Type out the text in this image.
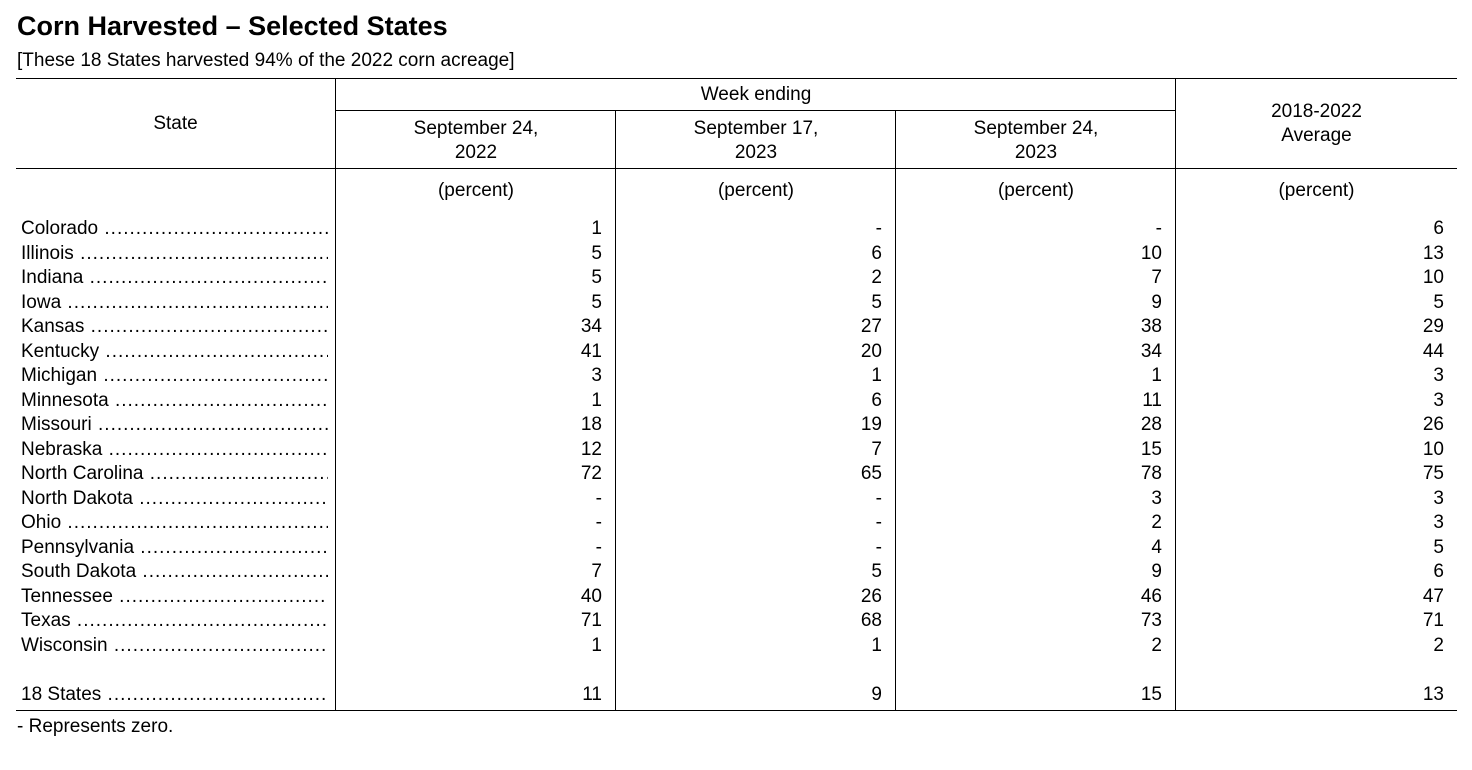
Corn Harvested – Selected States
[These 18 States harvested 94% of the 2022 corn acreage]
State
Week ending
September 24,
2022
September 17,
2023
September 24,
2023
2018-2022
Average
(percent)	(percent)	(percent)	(percent)
Colorado .....	1	-	-	6
Illinois .....	5	6	10	13
Indiana .....	5	2	7	10
Iowa .....	5	5	9	5
Kansas .....	34	27	38	29
Kentucky .....	41	20	34	44
Michigan .....	3	1	1	3
Minnesota .....	1	6	11	3
Missouri .....	18	19	28	26
Nebraska .....	12	7	15	10
North Carolina .....	72	65	78	75
North Dakota .....	-	-	3	3
Ohio .....	-	-	2	3
Pennsylvania .....	-	-	4	5
South Dakota .....	7	5	9	6
Tennessee .....	40	26	46	47
Texas .....	71	68	73	71
Wisconsin .....	1	1	2	2
18 States .....	11	9	15	13
- Represents zero.
